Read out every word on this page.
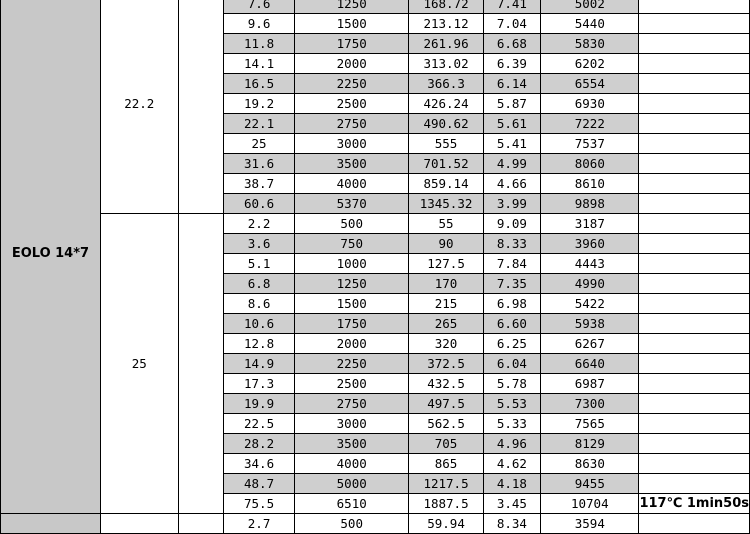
EOLO 14*7	22.2		7.6	1250	168.72	7.41	5002	
			9.6	1500	213.12	7.04	5440	
			11.8	1750	261.96	6.68	5830	
			14.1	2000	313.02	6.39	6202	
			16.5	2250	366.3	6.14	6554	
			19.2	2500	426.24	5.87	6930	
			22.1	2750	490.62	5.61	7222	
			25	3000	555	5.41	7537	
			31.6	3500	701.52	4.99	8060	
			38.7	4000	859.14	4.66	8610	
			60.6	5370	1345.32	3.99	9898	
	25		2.2	500	55	9.09	3187	
			3.6	750	90	8.33	3960	
			5.1	1000	127.5	7.84	4443	
			6.8	1250	170	7.35	4990	
			8.6	1500	215	6.98	5422	
			10.6	1750	265	6.60	5938	
			12.8	2000	320	6.25	6267	
			14.9	2250	372.5	6.04	6640	
			17.3	2500	432.5	5.78	6987	
			19.9	2750	497.5	5.53	7300	
			22.5	3000	562.5	5.33	7565	
			28.2	3500	705	4.96	8129	
			34.6	4000	865	4.62	8630	
			48.7	5000	1217.5	4.18	9455	
			75.5	6510	1887.5	3.45	10704	117℃ 1min50s
			2.7	500	59.94	8.34	3594	
